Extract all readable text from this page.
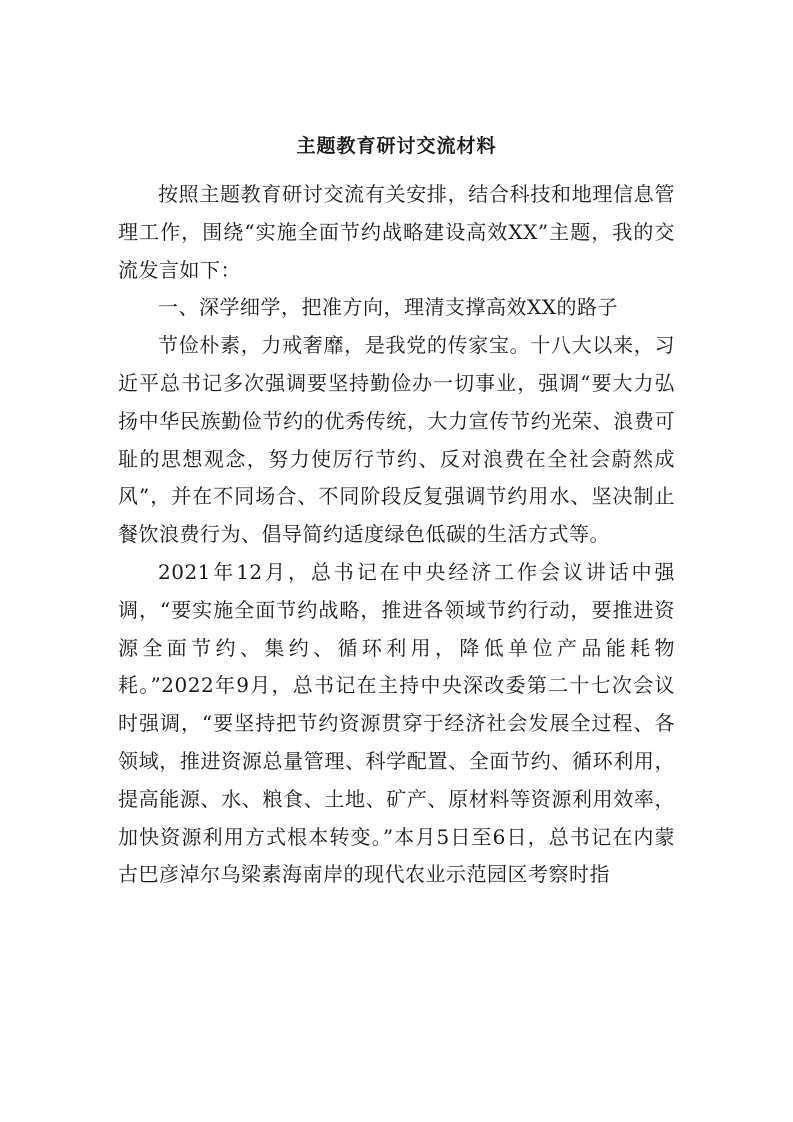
主题教育研讨交流材料

按照主题教育研讨交流有关安排，结合科技和地理信息管理工作，围绕“实施全面节约战略建设高效XX”主题，我的交流发言如下：

一、深学细学，把准方向，理清支撑高效XX的路子

节俭朴素，力戒奢靡，是我党的传家宝。十八大以来，习近平总书记多次强调要坚持勤俭办一切事业，强调“要大力弘扬中华民族勤俭节约的优秀传统，大力宣传节约光荣、浪费可耻的思想观念，努力使厉行节约、反对浪费在全社会蔚然成风”，并在不同场合、不同阶段反复强调节约用水、坚决制止餐饮浪费行为、倡导简约适度绿色低碳的生活方式等。

2021年12月，总书记在中央经济工作会议讲话中强调，“要实施全面节约战略，推进各领域节约行动，要推进资源全面节约、集约、循环利用，降低单位产品能耗物耗。”2022年9月，总书记在主持中央深改委第二十七次会议时强调，“要坚持把节约资源贯穿于经济社会发展全过程、各领域，推进资源总量管理、科学配置、全面节约、循环利用，提高能源、水、粮食、土地、矿产、原材料等资源利用效率，加快资源利用方式根本转变。”本月5日至6日，总书记在内蒙古巴彦淖尔乌梁素海南岸的现代农业示范园区考察时指
